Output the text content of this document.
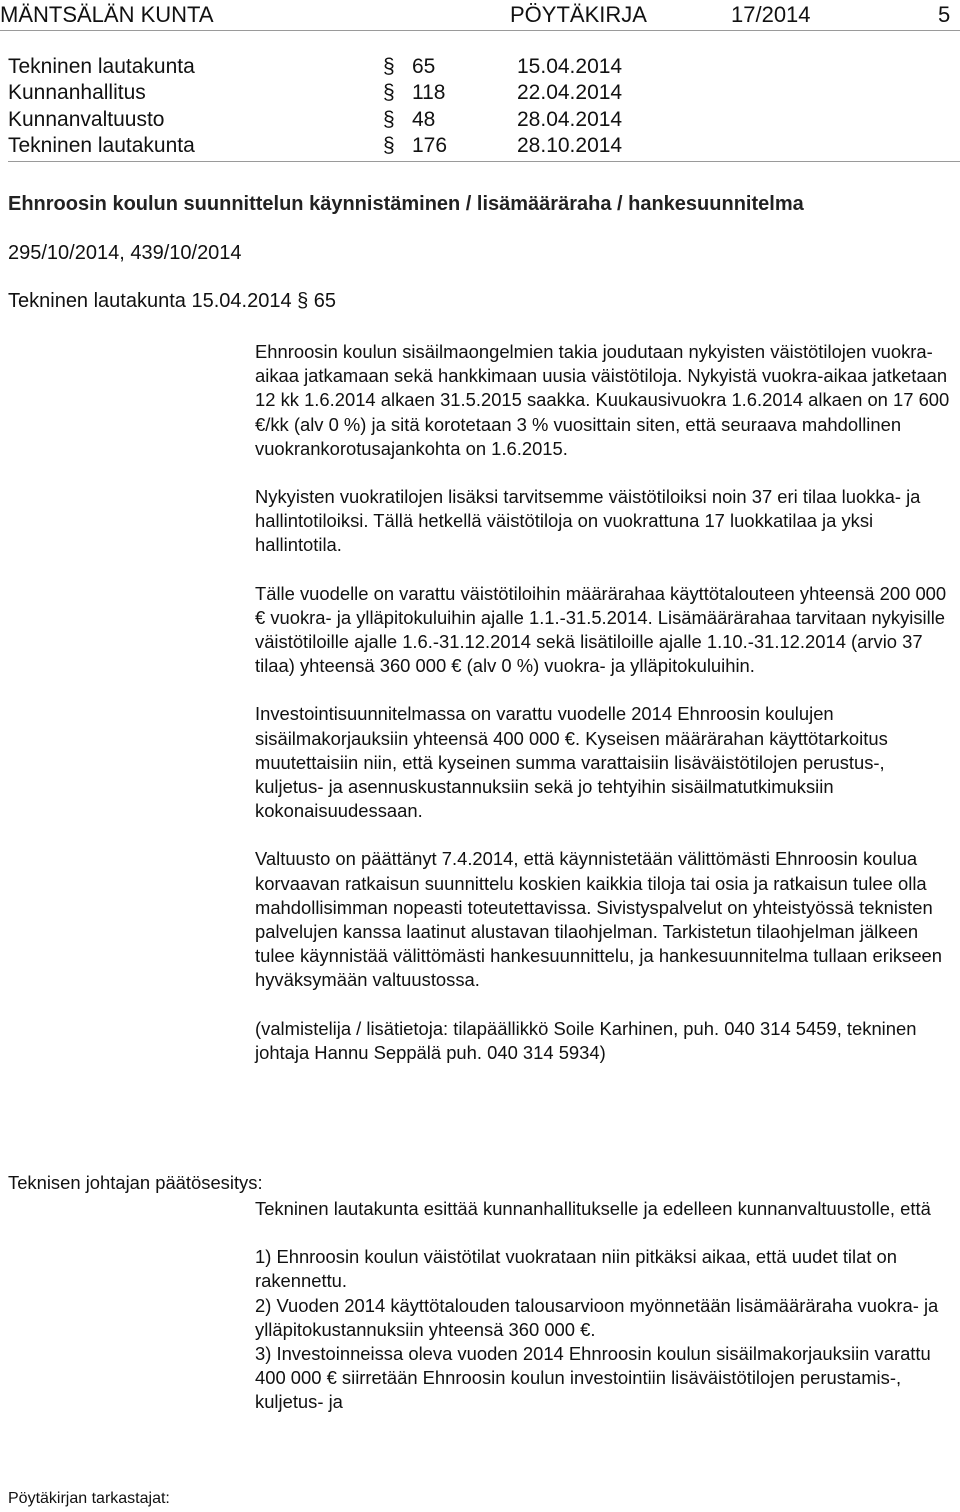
MÄNTSÄLÄN KUNTA	PÖYTÄKIRJA	17/2014	5
Tekninen lautakunta	§ 65	15.04.2014
Kunnanhallitus	§ 118	22.04.2014
Kunnanvaltuusto	§ 48	28.04.2014
Tekninen lautakunta	§ 176	28.10.2014
Ehnroosin koulun suunnittelun käynnistäminen / lisämääräraha / hankesuunnitelma
295/10/2014, 439/10/2014
Tekninen lautakunta 15.04.2014 § 65

Ehnroosin koulun sisäilmaongelmien takia joudutaan nykyisten väistötilojen vuokra-aikaa jatkamaan sekä hankkimaan uusia väistötiloja. Nykyistä vuokra-aikaa jatketaan 12 kk 1.6.2014 alkaen 31.5.2015 saakka. Kuukausivuokra 1.6.2014 alkaen on 17 600 €/kk (alv 0 %) ja sitä korotetaan 3 % vuosittain siten, että seuraava mahdollinen vuokrankorotusajankohta on 1.6.2015.

Nykyisten vuokratilojen lisäksi tarvitsemme väistötiloiksi noin 37 eri tilaa luokka- ja hallintotiloiksi. Tällä hetkellä väistötiloja on vuokrattuna 17 luokkatilaa ja yksi hallintotila.

Tälle vuodelle on varattu väistötiloihin määrärahaa käyttötalouteen yhteensä 200 000 € vuokra- ja ylläpitokuluihin ajalle 1.1.-31.5.2014. Lisämäärärahaa tarvitaan nykyisille väistötiloille ajalle 1.6.-31.12.2014 sekä lisätiloille ajalle 1.10.-31.12.2014 (arvio 37 tilaa) yhteensä 360 000 € (alv 0 %) vuokra- ja ylläpitokuluihin.

Investointisuunnitelmassa on varattu vuodelle 2014 Ehnroosin koulujen sisäilmakorjauksiin yhteensä 400 000 €. Kyseisen määrärahan käyttötarkoitus muutettaisiin niin, että kyseinen summa varattaisiin lisäväistötilojen perustus-, kuljetus- ja asennuskustannuksiin sekä jo tehtyihin sisäilmatutkimuksiin kokonaisuudessaan.

Valtuusto on päättänyt 7.4.2014, että käynnistetään välittömästi Ehnroosin koulua korvaavan ratkaisun suunnittelu koskien kaikkia tiloja tai osia ja ratkaisun tulee olla mahdollisimman nopeasti toteutettavissa. Sivistyspalvelut on yhteistyössä teknisten palvelujen kanssa laatinut alustavan tilaohjelman. Tarkistetun tilaohjelman jälkeen tulee käynnistää välittömästi hankesuunnittelu, ja hankesuunnitelma tullaan erikseen hyväksymään valtuustossa.

(valmistelija / lisätietoja: tilapäällikkö Soile Karhinen, puh. 040 314 5459, tekninen johtaja Hannu Seppälä puh. 040 314 5934)

Teknisen johtajan päätösesitys:

Tekninen lautakunta esittää kunnanhallitukselle ja edelleen kunnanvaltuustolle, että

1) Ehnroosin koulun väistötilat vuokrataan niin pitkäksi aikaa, että uudet tilat on rakennettu.
2) Vuoden 2014 käyttötalouden talousarvioon myönnetään lisämääräraha vuokra- ja ylläpitokustannuksiin yhteensä 360 000 €.
3) Investoinneissa oleva vuoden 2014 Ehnroosin koulun sisäilmakorjauksiin varattu 400 000 € siirretään Ehnroosin koulun investointiin lisäväistötilojen perustamis-, kuljetus- ja
Pöytäkirjan tarkastajat:
